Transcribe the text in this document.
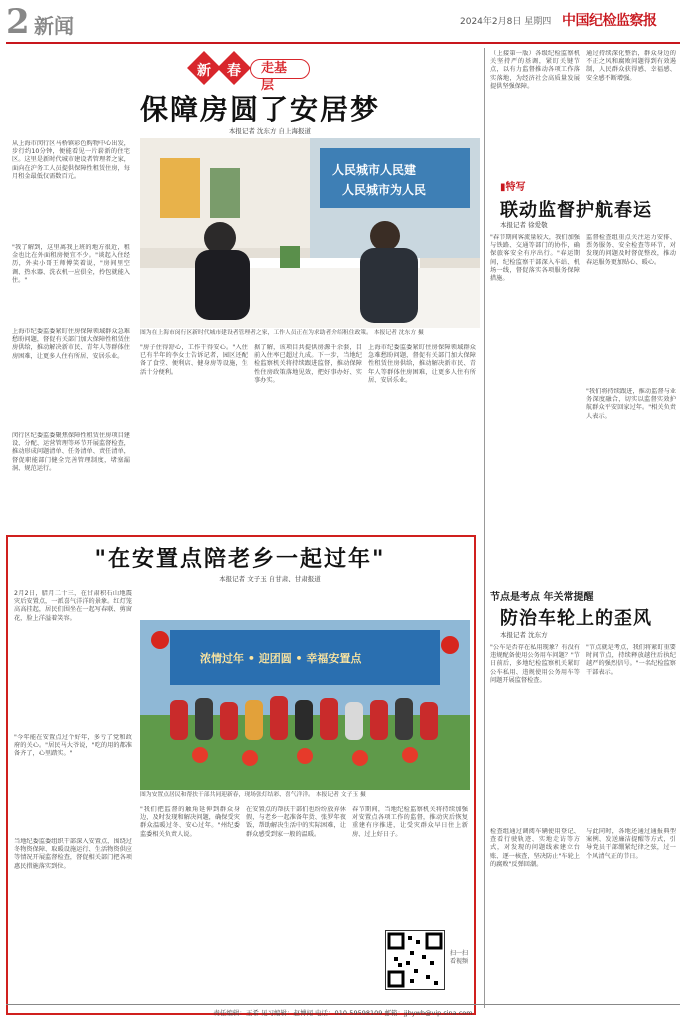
2 新闻	2024年2月8日 星期四 中国纪检监察报
新 春	走基层
保障房圆了安居梦
本报记者 沈东方 自上海报道
从上海市闵行区马桥镇彩色购物中心出发，步行约10分钟，便能看见一片崭新的住宅区。这里是新时代城市建设者管理者之家，面向在沪务工人员提供保障性租赁住房，每月租金最低仅需数百元。
"我了解到，这里离我上班的地方很近，租金也比在外面租房便宜不少。"谈起入住经历，外卖小哥王师傅笑着说，"房间里空调、热水器、洗衣机一应俱全，拎包就能入住。"
上海市纪委监委紧盯住房保障领域群众急难愁盼问题，督促有关部门加大保障性租赁住房供给，推动解决新市民、青年人等群体住房困难，让更多人住有所居、安居乐业。
闵行区纪委监委聚焦保障性租赁住房项目建设、分配、运营管理等环节开展监督检查，推动形成问题清单、任务清单、责任清单，督促职能部门健全完善管理制度，堵塞漏洞、规范运行。
人民城市人民建
人民城市为人民
图为在上海市闵行区新时代城市建设者管理者之家，工作人员正在为求助者介绍租住政策。 本报记者 沈东方 摄
"房子住得舒心，工作干得安心。"入住已有半年的李女士告诉记者，园区还配备了食堂、便利店、健身房等设施，生活十分便利。
据了解，该项目共提供房源千余套，目前入住率已超过九成。下一步，当地纪检监察机关将持续跟进监督，推动保障性住房政策落地见效，把好事办好、实事办实。
上海市纪委监委紧盯住房保障领域群众急难愁盼问题，督促有关部门加大保障性租赁住房供给，推动解决新市民、青年人等群体住房困难，让更多人住有所居、安居乐业。
（上接第一版）各级纪检监察机关坚持严的基调，紧盯关键节点，以有力监督推动各项工作落实落地，为经济社会高质量发展提供坚强保障。
通过持续深化整治，群众身边的不正之风和腐败问题得到有效遏制，人民群众获得感、幸福感、安全感不断增强。
▮特写
联动监督护航春运
本报记者 徐爱敬
"春节期间客流量较大，我们加强与铁路、交通等部门的协作，确保旅客安全有序出行。"春运期间，纪检监察干部深入车站、机场一线，督促落实各项服务保障措施。
监督检查组重点关注运力安排、票务服务、安全检查等环节，对发现的问题及时督促整改，推动春运服务更加贴心、暖心。
"我们将持续跟进，推动监督与业务深度融合，切实以监督实效护航群众平安回家过年。"相关负责人表示。
"在安置点陪老乡一起过年"
本报记者 文子玉 自甘肃、甘肃报道
2月2日，腊月二十三，在甘肃积石山地震灾后安置点，一派喜气洋洋的景象。红灯笼高高挂起，居民们围坐在一起写春联、剪窗花，脸上洋溢着笑容。
"今年能在安置点过个好年，多亏了党和政府的关心。"居民马大爷说，"吃的用的都准备齐了，心里踏实。"
当地纪委监委组织干部深入安置点，围绕过冬物资保障、取暖设施运行、生活物资供应等情况开展监督检查，督促相关部门把各项惠民措施落实到位。
浓情过年 • 迎团圆 • 幸福安置点
图为安置点居民和帮扶干部共同迎新春，现场张灯结彩、喜气洋洋。 本报记者 文子玉 摄
"我们把监督的触角延伸到群众身边，及时发现和解决问题，确保受灾群众温暖过冬、安心过年。"州纪委监委相关负责人说。
在安置点的帮扶干部们也纷纷放弃休假，与老乡一起准备年货、张罗年夜饭，帮助解决生活中的实际困难，让群众感受到家一般的温暖。
春节期间，当地纪检监察机关将持续加强对安置点各项工作的监督，推动灾后恢复重建有序推进，让受灾群众早日住上新房、过上好日子。
扫一扫 看视频
节点是考点 年关常提醒
防治车轮上的歪风
本报记者 沈东方
"公车是否存在私用现象？有没有违规配备使用公务用车问题？"节日前后，多地纪检监察机关紧盯公车私用、违规使用公务用车等问题开展监督检查。
检查组通过调阅车辆使用登记、查看行驶轨迹、实地走访等方式，对发现的问题线索建立台账、逐一核查，坚决防止"车轮上的腐败"反弹回潮。
"节点就是考点，我们将紧盯重要时间节点，持续释放越往后执纪越严的强烈信号。"一名纪检监察干部表示。
与此同时，各地还通过通报典型案例、发送廉洁提醒等方式，引导党员干部绷紧纪律之弦，过一个风清气正的节日。
责任编辑：王希 见习编辑：赵博闻 电话：010-59598109 邮箱：jjbywb@vip.sina.com
